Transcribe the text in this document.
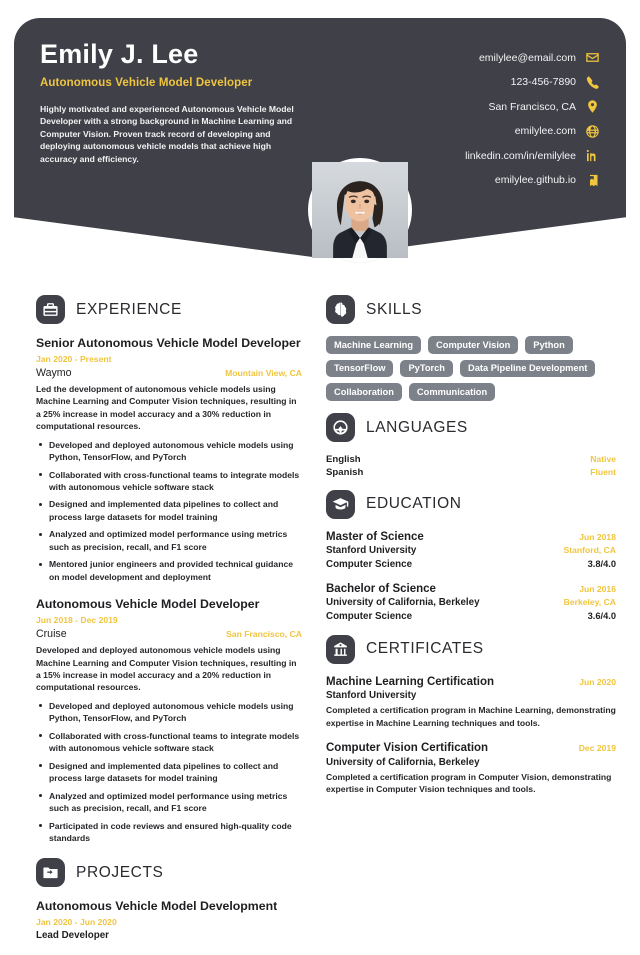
Emily J. Lee
Autonomous Vehicle Model Developer
Highly motivated and experienced Autonomous Vehicle Model Developer with a strong background in Machine Learning and Computer Vision. Proven track record of developing and deploying autonomous vehicle models that achieve high accuracy and efficiency.
emilylee@email.com
123-456-7890
San Francisco, CA
emilylee.com
linkedin.com/in/emilylee
emilylee.github.io
EXPERIENCE
Senior Autonomous Vehicle Model Developer
Jan 2020 - Present
Waymo	Mountain View, CA
Led the development of autonomous vehicle models using Machine Learning and Computer Vision techniques, resulting in a 25% increase in model accuracy and a 30% reduction in computational resources.
Developed and deployed autonomous vehicle models using Python, TensorFlow, and PyTorch
Collaborated with cross-functional teams to integrate models with autonomous vehicle software stack
Designed and implemented data pipelines to collect and process large datasets for model training
Analyzed and optimized model performance using metrics such as precision, recall, and F1 score
Mentored junior engineers and provided technical guidance on model development and deployment
Autonomous Vehicle Model Developer
Jun 2018 - Dec 2019
Cruise	San Francisco, CA
Developed and deployed autonomous vehicle models using Machine Learning and Computer Vision techniques, resulting in a 15% increase in model accuracy and a 20% reduction in computational resources.
Developed and deployed autonomous vehicle models using Python, TensorFlow, and PyTorch
Collaborated with cross-functional teams to integrate models with autonomous vehicle software stack
Designed and implemented data pipelines to collect and process large datasets for model training
Analyzed and optimized model performance using metrics such as precision, recall, and F1 score
Participated in code reviews and ensured high-quality code standards
PROJECTS
Autonomous Vehicle Model Development
Jan 2020 - Jun 2020
Lead Developer
SKILLS
Machine Learning	Computer Vision	Python
TensorFlow	PyTorch	Data Pipeline Development
Collaboration	Communication
LANGUAGES
English	Native
Spanish	Fluent
EDUCATION
Master of Science	Jun 2018
Stanford University	Stanford, CA
Computer Science	3.8/4.0
Bachelor of Science	Jun 2016
University of California, Berkeley	Berkeley, CA
Computer Science	3.6/4.0
CERTIFICATES
Machine Learning Certification	Jun 2020
Stanford University
Completed a certification program in Machine Learning, demonstrating expertise in Machine Learning techniques and tools.
Computer Vision Certification	Dec 2019
University of California, Berkeley
Completed a certification program in Computer Vision, demonstrating expertise in Computer Vision techniques and tools.
